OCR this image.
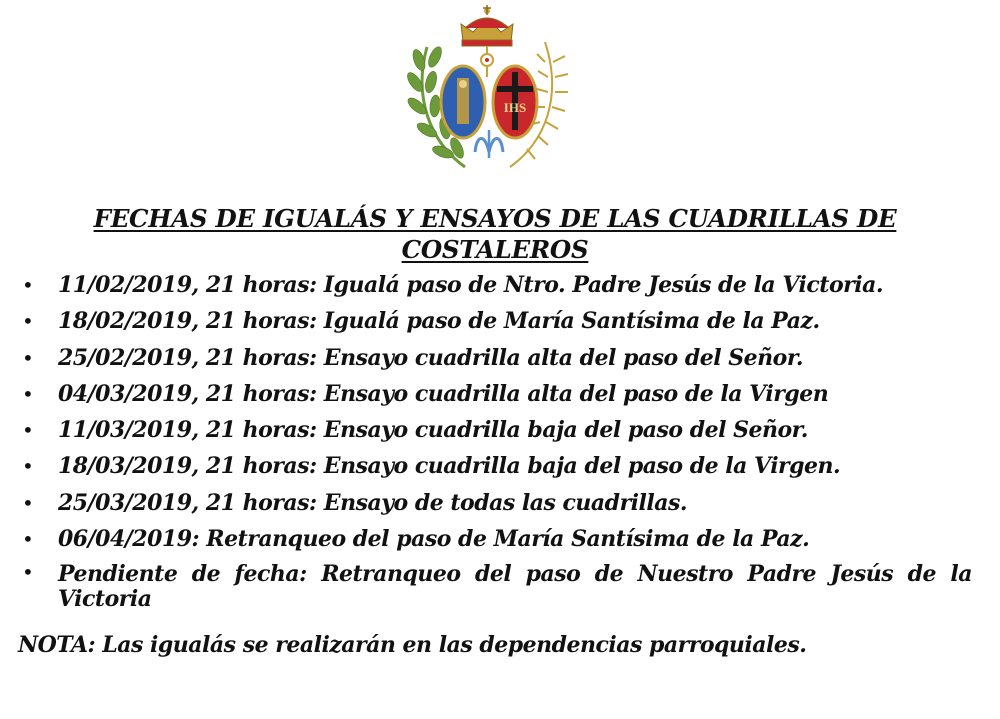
IHS
FECHAS DE IGUALÁS Y ENSAYOS DE LAS CUADRILLAS DE COSTALEROS
• 11/02/2019, 21 horas: Igualá paso de Ntro. Padre Jesús de la Victoria.
• 18/02/2019, 21 horas: Igualá paso de María Santísima de la Paz.
• 25/02/2019, 21 horas: Ensayo cuadrilla alta del paso del Señor.
• 04/03/2019, 21 horas: Ensayo cuadrilla alta del paso de la Virgen
• 11/03/2019, 21 horas: Ensayo cuadrilla baja del paso del Señor.
• 18/03/2019, 21 horas: Ensayo cuadrilla baja del paso de la Virgen.
• 25/03/2019, 21 horas: Ensayo de todas las cuadrillas.
• 06/04/2019: Retranqueo del paso de María Santísima de la Paz.
• Pendiente de fecha: Retranqueo del paso de Nuestro Padre Jesús de la Victoria

NOTA: Las igualás se realizarán en las dependencias parroquiales.
